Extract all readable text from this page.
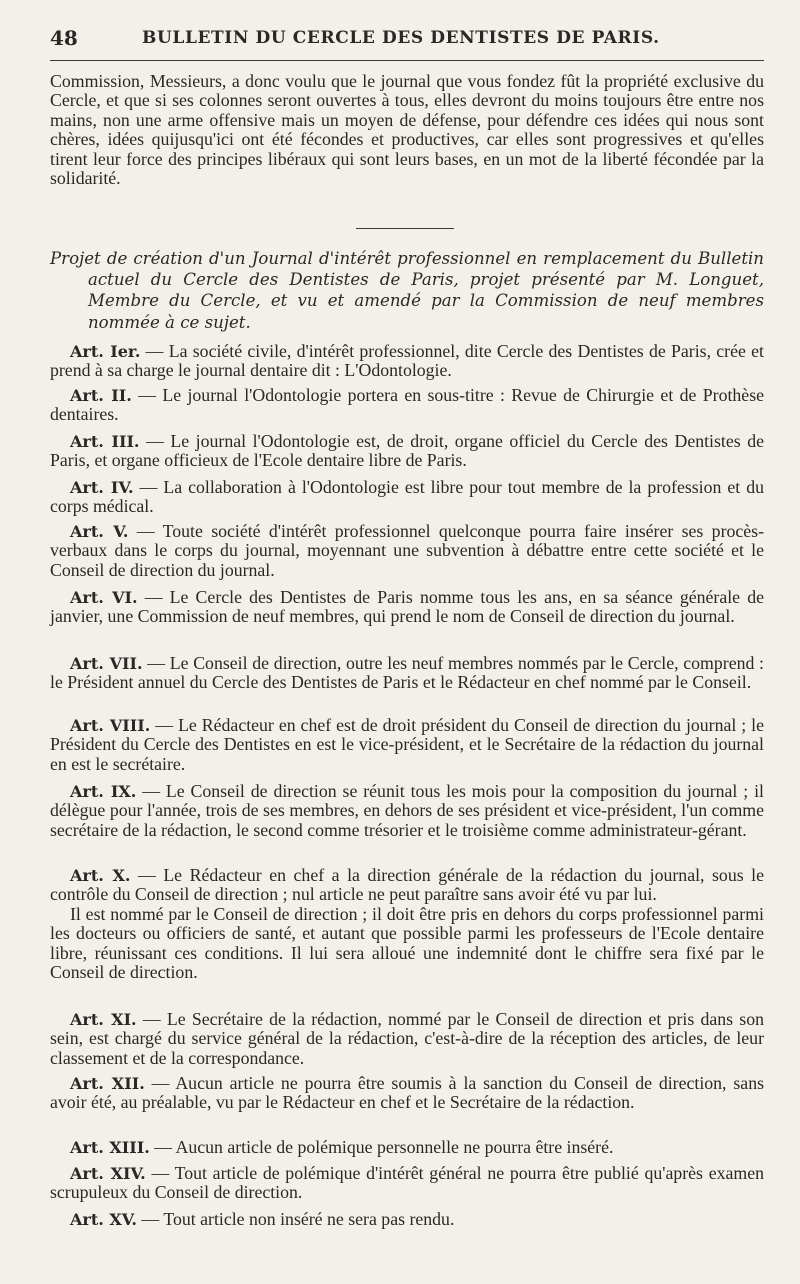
48	BULLETIN DU CERCLE DES DENTISTES DE PARIS.

Commission, Messieurs, a donc voulu que le journal que vous fondez fût la propriété exclusive du Cercle, et que si ses colonnes seront ouvertes à tous, elles devront du moins toujours être entre nos mains, non une arme offensive mais un moyen de défense, pour défendre ces idées qui nous sont chères, idées quijusqu'ici ont été fécondes et productives, car elles sont progressives et qu'elles tirent leur force des principes libéraux qui sont leurs bases, en un mot de la liberté fécondée par la solidarité.

Projet de création d'un Journal d'intérêt professionnel en remplacement du Bulletin actuel du Cercle des Dentistes de Paris, projet présenté par M. Longuet, Membre du Cercle, et vu et amendé par la Commission de neuf membres nommée à ce sujet.

Art. Ier. — La société civile, d'intérêt professionnel, dite Cercle des Dentistes de Paris, crée et prend à sa charge le journal dentaire dit : L'Odontologie.

Art. II. — Le journal l'Odontologie portera en sous-titre : Revue de Chirurgie et de Prothèse dentaires.

Art. III. — Le journal l'Odontologie est, de droit, organe officiel du Cercle des Dentistes de Paris, et organe officieux de l'Ecole dentaire libre de Paris.

Art. IV. — La collaboration à l'Odontologie est libre pour tout membre de la profession et du corps médical.

Art. V. — Toute société d'intérêt professionnel quelconque pourra faire insérer ses procès-verbaux dans le corps du journal, moyennant une subvention à débattre entre cette société et le Conseil de direction du journal.

Art. VI. — Le Cercle des Dentistes de Paris nomme tous les ans, en sa séance générale de janvier, une Commission de neuf membres, qui prend le nom de Conseil de direction du journal.

Art. VII. — Le Conseil de direction, outre les neuf membres nommés par le Cercle, comprend : le Président annuel du Cercle des Dentistes de Paris et le Rédacteur en chef nommé par le Conseil.

Art. VIII. — Le Rédacteur en chef est de droit président du Conseil de direction du journal ; le Président du Cercle des Dentistes en est le vice-président, et le Secrétaire de la rédaction du journal en est le secrétaire.

Art. IX. — Le Conseil de direction se réunit tous les mois pour la composition du journal ; il délègue pour l'année, trois de ses membres, en dehors de ses président et vice-président, l'un comme secrétaire de la rédaction, le second comme trésorier et le troisième comme administrateur-gérant.

Art. X. — Le Rédacteur en chef a la direction générale de la rédaction du journal, sous le contrôle du Conseil de direction ; nul article ne peut paraître sans avoir été vu par lui.

Il est nommé par le Conseil de direction ; il doit être pris en dehors du corps professionnel parmi les docteurs ou officiers de santé, et autant que possible parmi les professeurs de l'Ecole dentaire libre, réunissant ces conditions. Il lui sera alloué une indemnité dont le chiffre sera fixé par le Conseil de direction.

Art. XI. — Le Secrétaire de la rédaction, nommé par le Conseil de direction et pris dans son sein, est chargé du service général de la rédaction, c'est-à-dire de la réception des articles, de leur classement et de la correspondance.

Art. XII. — Aucun article ne pourra être soumis à la sanction du Conseil de direction, sans avoir été, au préalable, vu par le Rédacteur en chef et le Secrétaire de la rédaction.

Art. XIII. — Aucun article de polémique personnelle ne pourra être inséré.

Art. XIV. — Tout article de polémique d'intérêt général ne pourra être publié qu'après examen scrupuleux du Conseil de direction.

Art. XV. — Tout article non inséré ne sera pas rendu.
